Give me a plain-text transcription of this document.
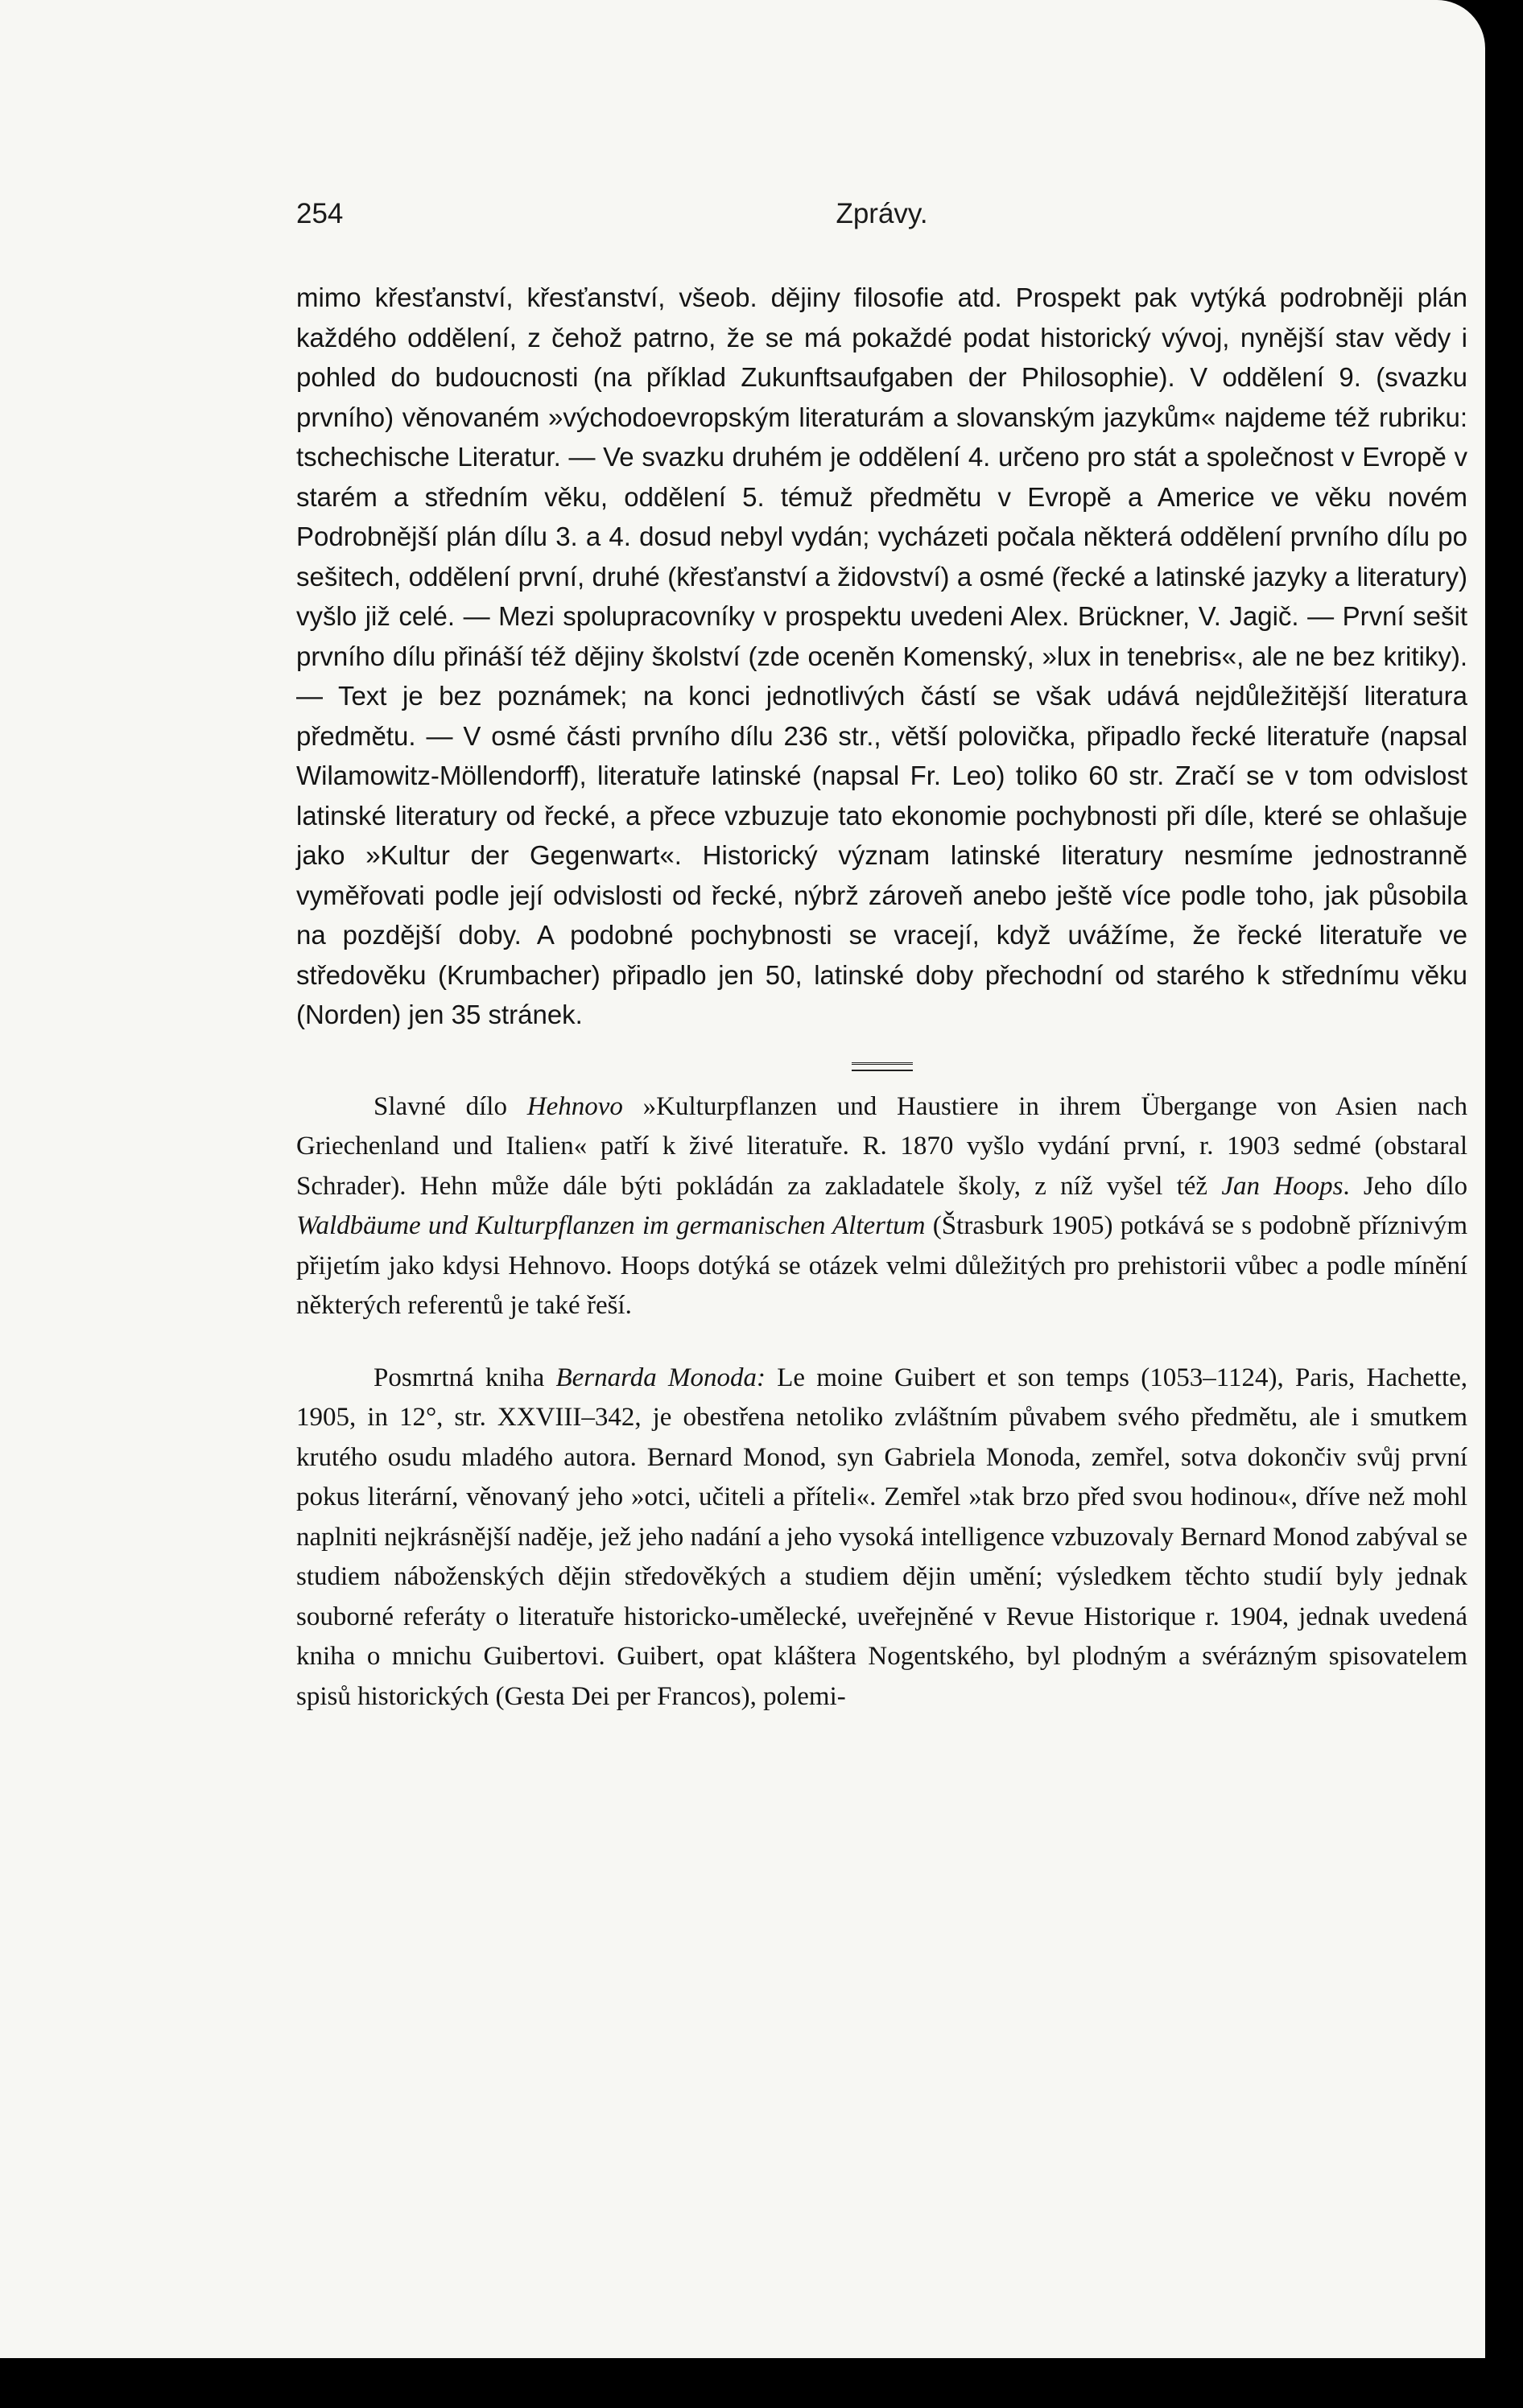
254	Zprávy.

mimo křesťanství, křesťanství, všeob. dějiny filosofie atd. Prospekt pak vytýká podrobněji plán každého oddělení, z čehož patrno, že se má pokaždé podat historický vývoj, nynější stav vědy i pohled do budoucnosti (na příklad Zukunftsaufgaben der Philosophie). V oddělení 9. (svazku prvního) věnovaném »východoevropským literaturám a slovanským jazykům« najdeme též rubriku: tschechische Literatur. — Ve svazku druhém je oddělení 4. určeno pro stát a společnost v Evropě v starém a středním věku, oddělení 5. témuž předmětu v Evropě a Americe ve věku novém Podrobnější plán dílu 3. a 4. dosud nebyl vydán; vycházeti počala některá oddělení prvního dílu po sešitech, oddělení první, druhé (křesťanství a židovství) a osmé (řecké a latinské jazyky a literatury) vyšlo již celé. — Mezi spolupracovníky v prospektu uvedeni Alex. Brückner, V. Jagič. — První sešit prvního dílu přináší též dějiny školství (zde oceněn Komenský, »lux in tenebris«, ale ne bez kritiky). — Text je bez poznámek; na konci jednotlivých částí se však udává nejdůležitější literatura předmětu. — V osmé části prvního dílu 236 str., větší polovička, připadlo řecké literatuře (napsal Wilamowitz-Möllendorff), literatuře latinské (napsal Fr. Leo) toliko 60 str. Zračí se v tom odvislost latinské literatury od řecké, a přece vzbuzuje tato ekonomie pochybnosti při díle, které se ohlašuje jako »Kultur der Gegenwart«. Historický význam latinské literatury nesmíme jednostranně vyměřovati podle její odvislosti od řecké, nýbrž zároveň anebo ještě více podle toho, jak působila na pozdější doby. A podobné pochybnosti se vracejí, když uvážíme, že řecké literatuře ve středověku (Krumbacher) připadlo jen 50, latinské doby přechodní od starého k střednímu věku (Norden) jen 35 stránek.

Slavné dílo Hehnovo »Kulturpflanzen und Haustiere in ihrem Übergange von Asien nach Griechenland und Italien« patří k živé literatuře. R. 1870 vyšlo vydání první, r. 1903 sedmé (obstaral Schrader). Hehn může dále býti pokládán za zakladatele školy, z níž vyšel též Jan Hoops. Jeho dílo Waldbäume und Kulturpflanzen im germanischen Altertum (Štrasburk 1905) potkává se s podobně příznivým přijetím jako kdysi Hehnovo. Hoops dotýká se otázek velmi důležitých pro prehistorii vůbec a podle mínění některých referentů je také řeší.

Posmrtná kniha Bernarda Monoda: Le moine Guibert et son temps (1053–1124), Paris, Hachette, 1905, in 12°, str. XXVIII–342, je obestřena netoliko zvláštním půvabem svého předmětu, ale i smutkem krutého osudu mladého autora. Bernard Monod, syn Gabriela Monoda, zemřel, sotva dokončiv svůj první pokus literární, věnovaný jeho »otci, učiteli a příteli«. Zemřel »tak brzo před svou hodinou«, dříve než mohl naplniti nejkrásnější naděje, jež jeho nadání a jeho vysoká intelligence vzbuzovaly Bernard Monod zabýval se studiem náboženských dějin středověkých a studiem dějin umění; výsledkem těchto studií byly jednak souborné referáty o literatuře historicko-umělecké, uveřejněné v Revue Historique r. 1904, jednak uvedená kniha o mnichu Guibertovi. Guibert, opat kláštera Nogentského, byl plodným a svérázným spisovatelem spisů historických (Gesta Dei per Francos), polemi-
